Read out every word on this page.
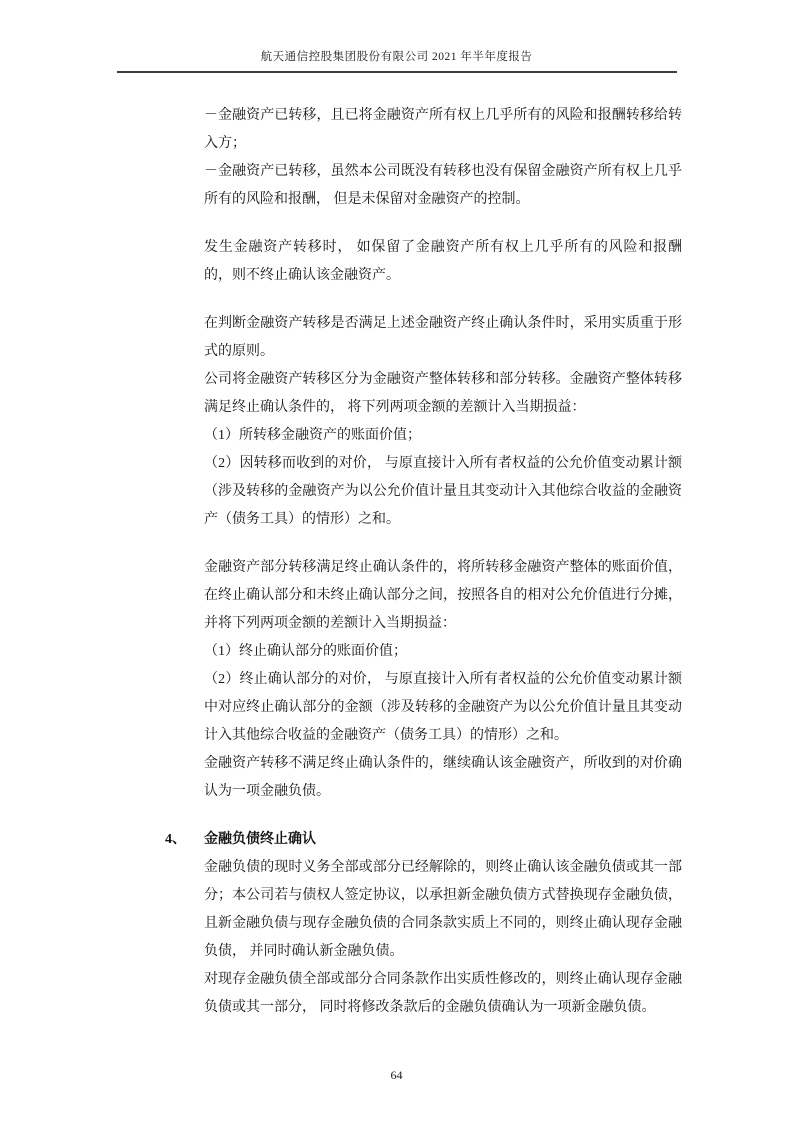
航天通信控股集团股份有限公司 2021 年半年度报告

－金融资产已转移，且已将金融资产所有权上几乎所有的风险和报酬转移给转入方；

－金融资产已转移，虽然本公司既没有转移也没有保留金融资产所有权上几乎所有的风险和报酬， 但是未保留对金融资产的控制。

发生金融资产转移时， 如保留了金融资产所有权上几乎所有的风险和报酬的，则不终止确认该金融资产。

在判断金融资产转移是否满足上述金融资产终止确认条件时，采用实质重于形式的原则。

公司将金融资产转移区分为金融资产整体转移和部分转移。金融资产整体转移满足终止确认条件的， 将下列两项金额的差额计入当期损益：

（1）所转移金融资产的账面价值；

（2）因转移而收到的对价， 与原直接计入所有者权益的公允价值变动累计额（涉及转移的金融资产为以公允价值计量且其变动计入其他综合收益的金融资产（债务工具）的情形）之和。

金融资产部分转移满足终止确认条件的，将所转移金融资产整体的账面价值，在终止确认部分和未终止确认部分之间，按照各自的相对公允价值进行分摊，并将下列两项金额的差额计入当期损益：

（1）终止确认部分的账面价值；

（2）终止确认部分的对价， 与原直接计入所有者权益的公允价值变动累计额中对应终止确认部分的金额（涉及转移的金融资产为以公允价值计量且其变动计入其他综合收益的金融资产（债务工具）的情形）之和。

金融资产转移不满足终止确认条件的，继续确认该金融资产，所收到的对价确认为一项金融负债。

4、 金融负债终止确认

金融负债的现时义务全部或部分已经解除的，则终止确认该金融负债或其一部分；本公司若与债权人签定协议，以承担新金融负债方式替换现存金融负债，且新金融负债与现存金融负债的合同条款实质上不同的，则终止确认现存金融负债， 并同时确认新金融负债。

对现存金融负债全部或部分合同条款作出实质性修改的，则终止确认现存金融负债或其一部分， 同时将修改条款后的金融负债确认为一项新金融负债。

64
